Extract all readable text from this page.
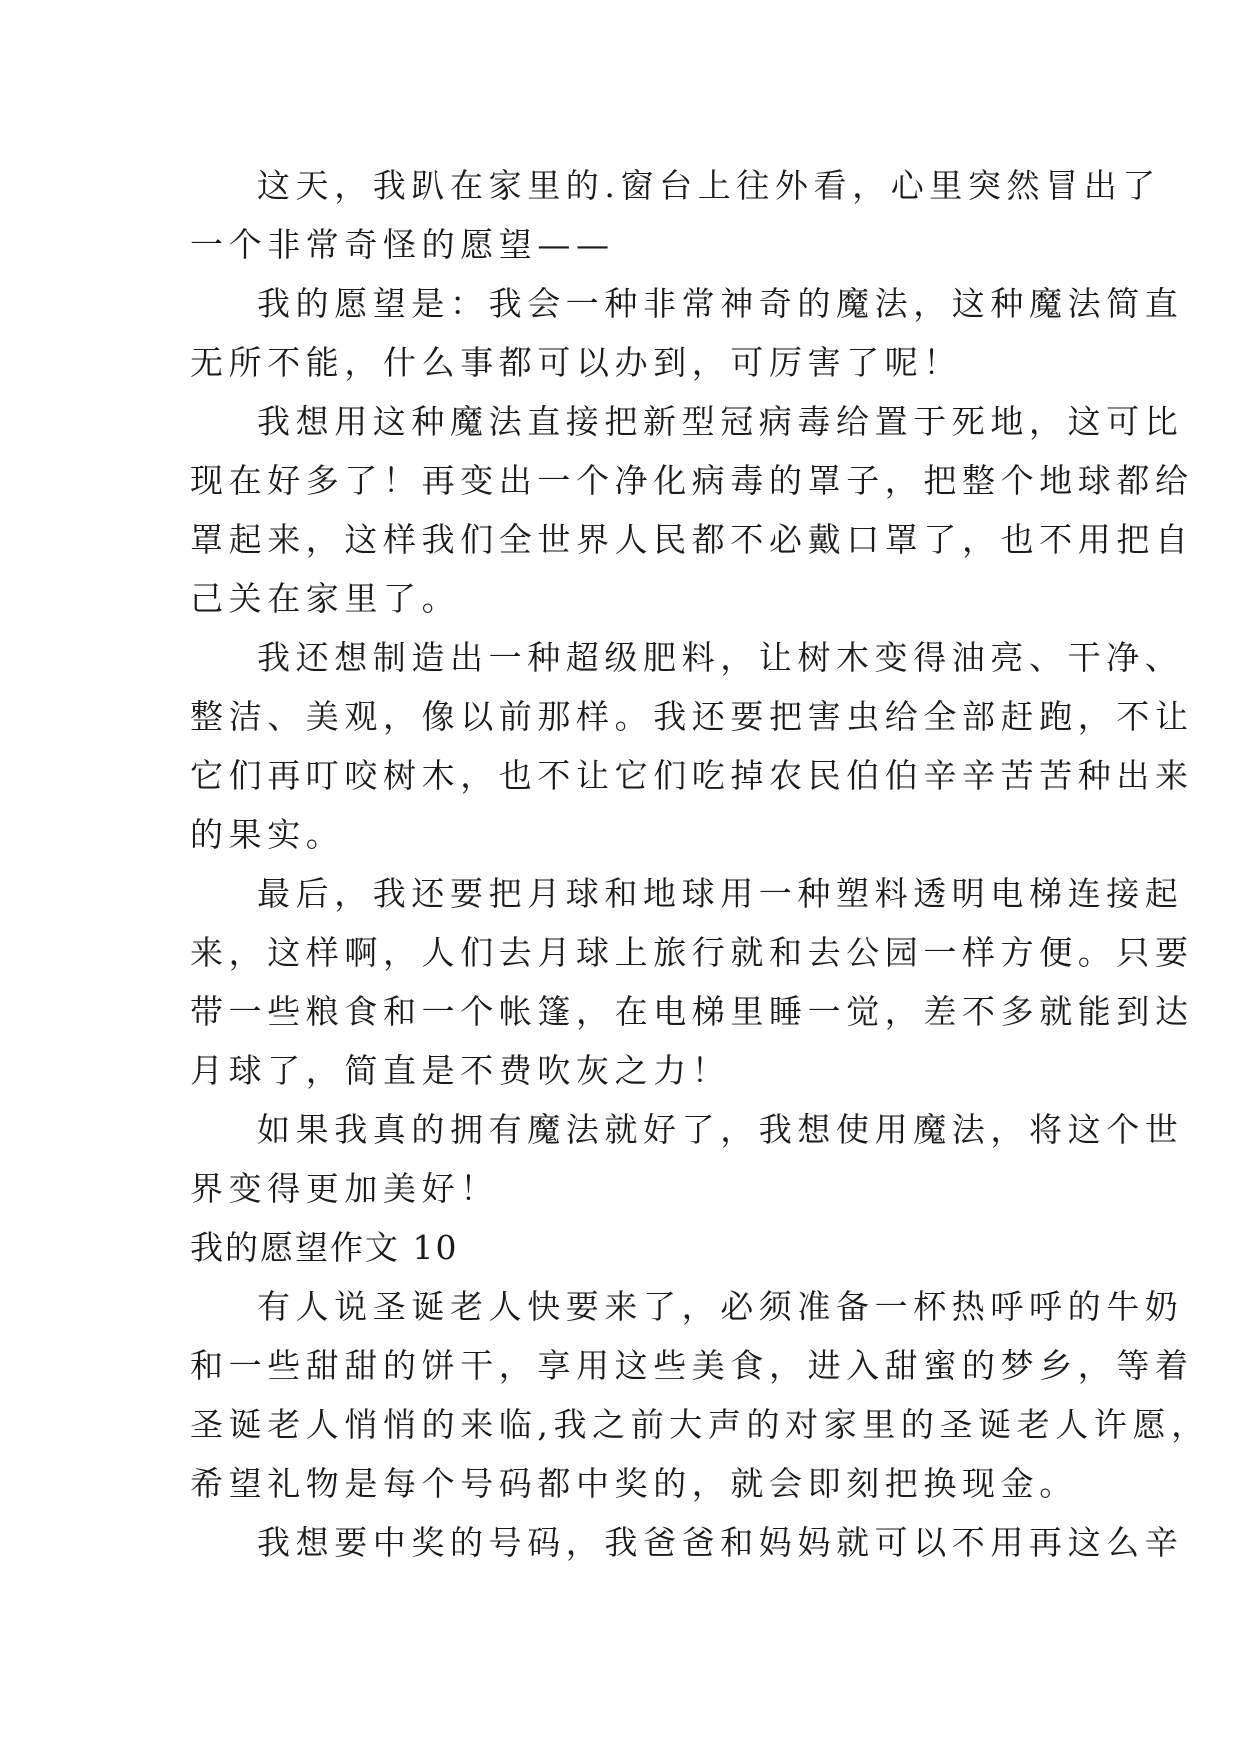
这天，我趴在家里的.窗台上往外看，心里突然冒出了
一个非常奇怪的愿望——
我的愿望是：我会一种非常神奇的魔法，这种魔法简直
无所不能，什么事都可以办到，可厉害了呢！
我想用这种魔法直接把新型冠病毒给置于死地，这可比
现在好多了！再变出一个净化病毒的罩子，把整个地球都给
罩起来，这样我们全世界人民都不必戴口罩了，也不用把自
己关在家里了。
我还想制造出一种超级肥料，让树木变得油亮、干净、
整洁、美观，像以前那样。我还要把害虫给全部赶跑，不让
它们再叮咬树木，也不让它们吃掉农民伯伯辛辛苦苦种出来
的果实。
最后，我还要把月球和地球用一种塑料透明电梯连接起
来，这样啊，人们去月球上旅行就和去公园一样方便。只要
带一些粮食和一个帐篷，在电梯里睡一觉，差不多就能到达
月球了，简直是不费吹灰之力！
如果我真的拥有魔法就好了，我想使用魔法，将这个世
界变得更加美好！
我的愿望作文 10
有人说圣诞老人快要来了，必须准备一杯热呼呼的牛奶
和一些甜甜的饼干，享用这些美食，进入甜蜜的梦乡，等着
圣诞老人悄悄的来临,我之前大声的对家里的圣诞老人许愿，
希望礼物是每个号码都中奖的，就会即刻把换现金。
我想要中奖的号码，我爸爸和妈妈就可以不用再这么辛
